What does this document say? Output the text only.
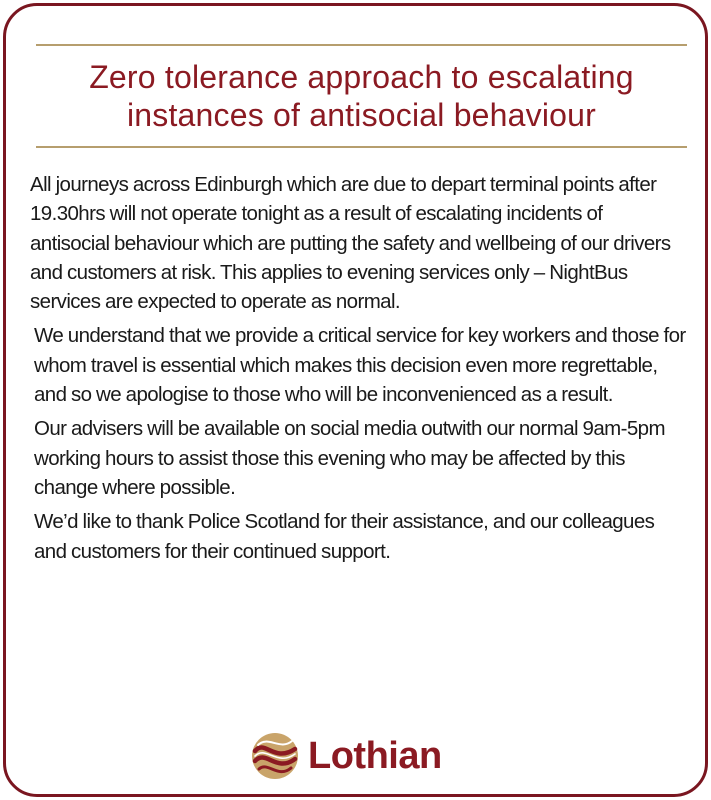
Zero tolerance approach to escalating
instances of antisocial behaviour

All journeys across Edinburgh which are due to depart terminal points after 19.30hrs will not operate tonight as a result of escalating incidents of antisocial behaviour which are putting the safety and wellbeing of our drivers and customers at risk. This applies to evening services only – NightBus services are expected to operate as normal.

We understand that we provide a critical service for key workers and those for whom travel is essential which makes this decision even more regrettable, and so we apologise to those who will be inconvenienced as a result.

Our advisers will be available on social media outwith our normal 9am-5pm working hours to assist those this evening who may be affected by this change where possible.

We’d like to thank Police Scotland for their assistance, and our colleagues and customers for their continued support.

Lothian
